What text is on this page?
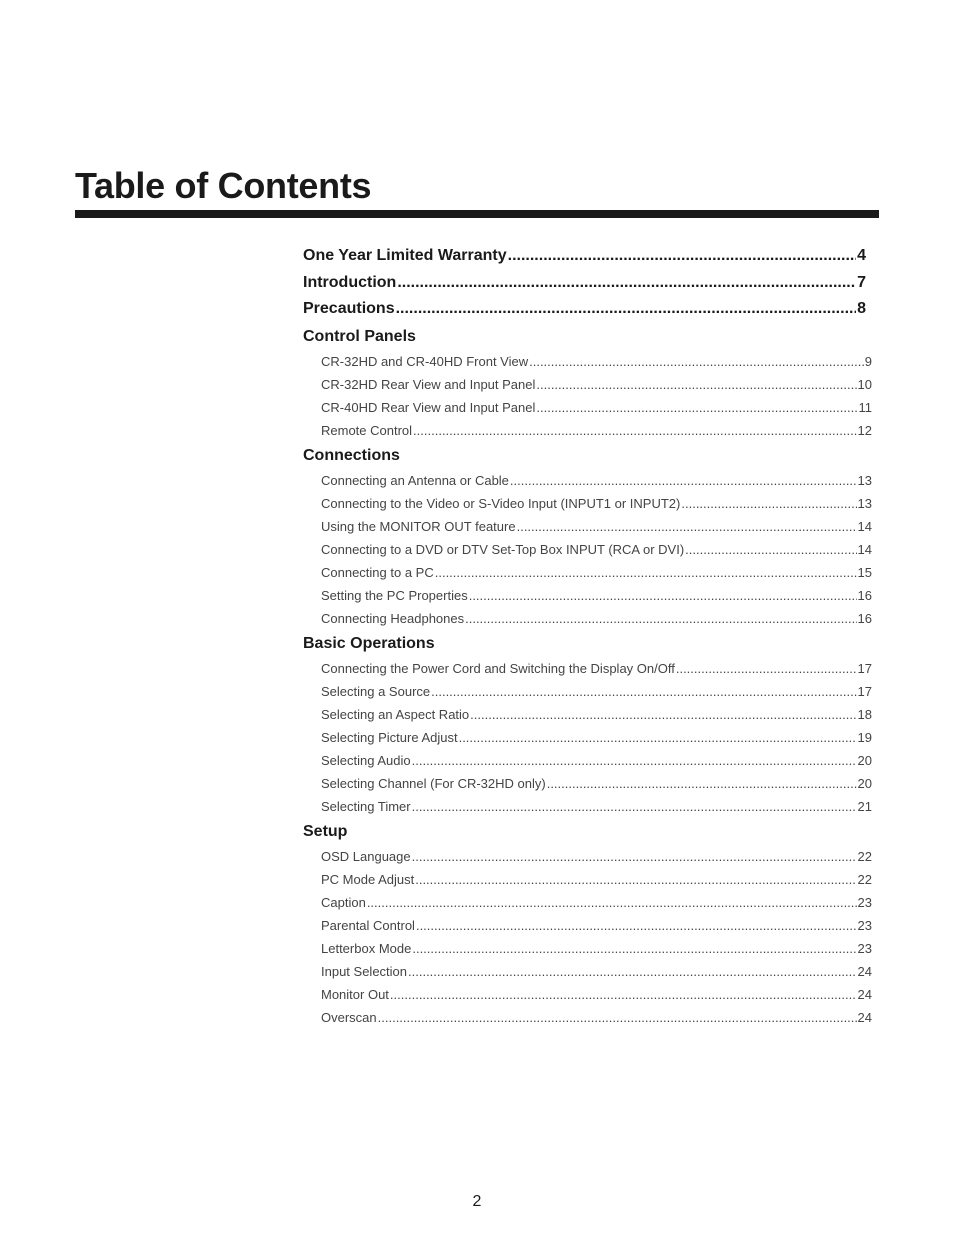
Table of Contents
One Year Limited Warranty .....	4
Introduction .....	7
Precautions .....	8
Control Panels
CR-32HD and CR-40HD Front View .....	9
CR-32HD Rear View and Input Panel .....	10
CR-40HD Rear View and Input Panel .....	11
Remote Control .....	12
Connections
Connecting an Antenna or Cable .....	13
Connecting to the Video or S-Video Input (INPUT1 or INPUT2) .....	13
Using the MONITOR OUT feature .....	14
Connecting to a DVD or DTV Set-Top Box INPUT (RCA or DVI) .....	14
Connecting to a PC .....	15
Setting the PC Properties .....	16
Connecting Headphones .....	16
Basic Operations
Connecting the Power Cord and Switching the Display On/Off .....	17
Selecting a Source .....	17
Selecting an Aspect Ratio .....	18
Selecting Picture Adjust .....	19
Selecting Audio .....	20
Selecting Channel (For CR-32HD only) .....	20
Selecting Timer .....	21
Setup
OSD Language .....	22
PC Mode Adjust .....	22
Caption .....	23
Parental Control .....	23
Letterbox Mode .....	23
Input Selection .....	24
Monitor Out .....	24
Overscan .....	24
2
